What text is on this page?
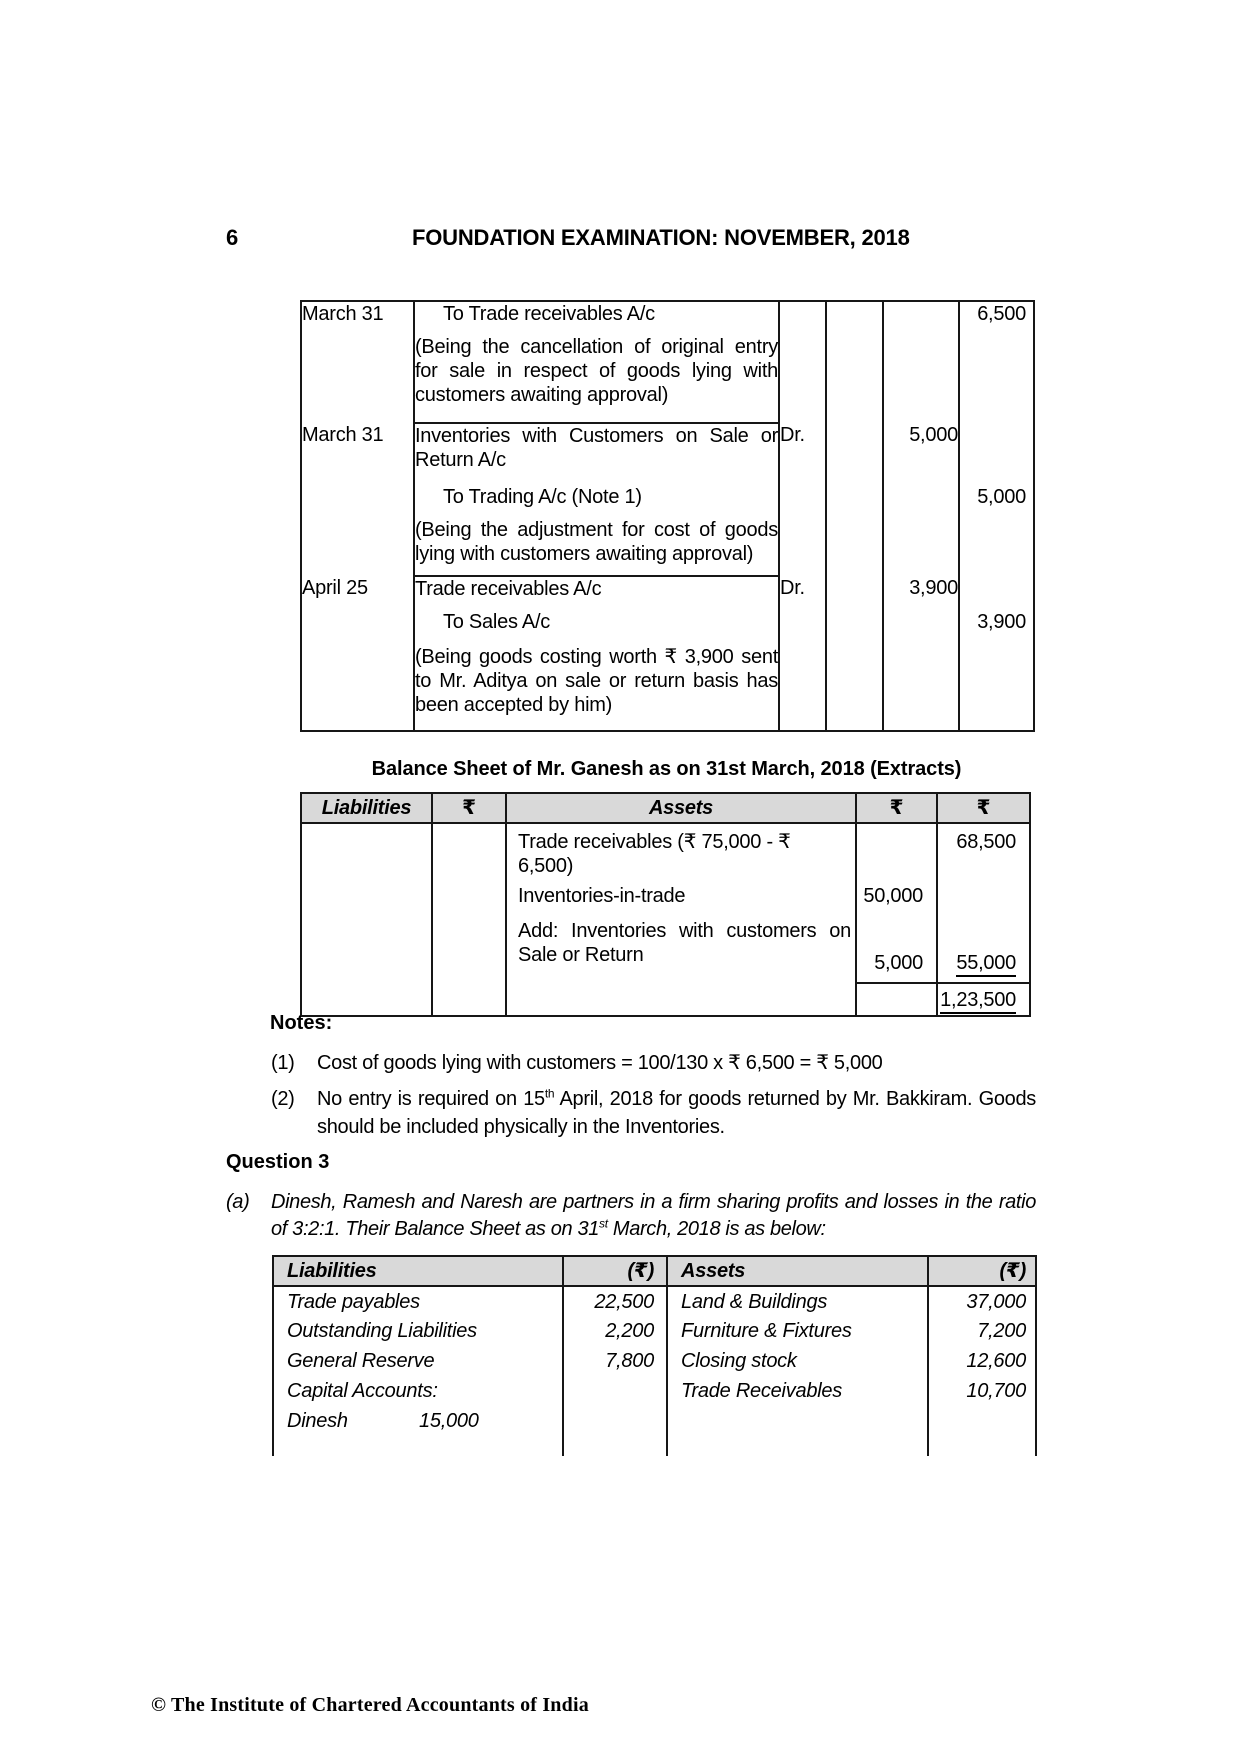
6	FOUNDATION EXAMINATION: NOVEMBER, 2018
March 31	To Trade receivables A/c				6,500

	(Being the cancellation of original entry
for sale in respect of goods lying with
customers awaiting approval)				

March 31	Inventories with Customers on Sale or
Return A/c	Dr.		5,000	
	To Trading A/c (Note 1)				5,000

	(Being the adjustment for cost of goods
lying with customers awaiting approval)				

April 25	Trade receivables A/c	Dr.		3,900	
	To Sales A/c				3,900

	(Being goods costing worth ₹ 3,900 sent
to Mr. Aditya on sale or return basis has
been accepted by him)				

Balance Sheet of Mr. Ganesh as on 31st March, 2018 (Extracts)
Liabilities	₹	Assets	₹	₹
		Trade receivables (₹ 75,000 - ₹ 6,500)		68,500
		Inventories-in-trade	50,000	

		Add: Inventories with customers on
Sale or Return	5,000	55,000
				1,23,500
Notes:
(1)	Cost of goods lying with customers = 100/130 x ₹ 6,500 = ₹ 5,000
(2)	No entry is required on 15th April, 2018 for goods returned by Mr. Bakkiram. Goods
should be included physically in the Inventories.
Question 3
(a)	Dinesh, Ramesh and Naresh are partners in a firm sharing profits and losses in the ratio
of 3:2:1. Their Balance Sheet as on 31st March, 2018 is as below:
Liabilities	(₹)	Assets	(₹)
Trade payables	22,500	Land & Buildings	37,000
Outstanding Liabilities	2,200	Furniture & Fixtures	7,200
General Reserve	7,800	Closing stock	12,600
Capital Accounts:		Trade Receivables	10,700
Dinesh 15,000			
© The Institute of Chartered Accountants of India
